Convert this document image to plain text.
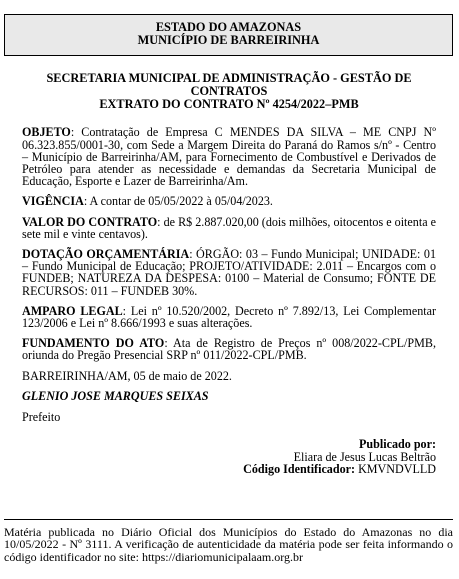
ESTADO DO AMAZONAS
MUNICÍPIO DE BARREIRINHA
SECRETARIA MUNICIPAL DE ADMINISTRAÇÃO - GESTÃO DE
CONTRATOS
EXTRATO DO CONTRATO Nº 4254/2022–PMB

OBJETO: Contratação de Empresa C MENDES DA SILVA – ME CNPJ Nº 06.323.855/0001-30, com Sede a Margem Direita do Paraná do Ramos s/nº - Centro – Município de Barreirinha/AM, para Fornecimento de Combustível e Derivados de Petróleo para atender as necessidade e demandas da Secretaria Municipal de Educação, Esporte e Lazer de Barreirinha/Am.

VIGÊNCIA: A contar de 05/05/2022 à 05/04/2023.

VALOR DO CONTRATO: de R$ 2.887.020,00 (dois milhões, oitocentos e oitenta e sete mil e vinte centavos).

DOTAÇÃO ORÇAMENTÁRIA: ÓRGÃO: 03 – Fundo Municipal; UNIDADE: 01 – Fundo Municipal de Educação; PROJETO/ATIVIDADE: 2.011 – Encargos com o FUNDEB; NATUREZA DA DESPESA: 0100 – Material de Consumo; FONTE DE RECURSOS: 011 – FUNDEB 30%.

AMPARO LEGAL: Lei nº 10.520/2002, Decreto nº 7.892/13, Lei Complementar 123/2006 e Lei nº 8.666/1993 e suas alterações.

FUNDAMENTO DO ATO: Ata de Registro de Preços nº 008/2022-CPL/PMB, oriunda do Pregão Presencial SRP nº 011/2022-CPL/PMB.

BARREIRINHA/AM, 05 de maio de 2022.

GLENIO JOSE MARQUES SEIXAS
Prefeito
Publicado por:
Eliara de Jesus Lucas Beltrão
Código Identificador: KMVNDVLLD
Matéria publicada no Diário Oficial dos Municípios do Estado do Amazonas no dia 10/05/2022 - Nº 3111. A verificação de autenticidade da matéria pode ser feita informando o código identificador no site: https://diariomunicipalaam.org.br
